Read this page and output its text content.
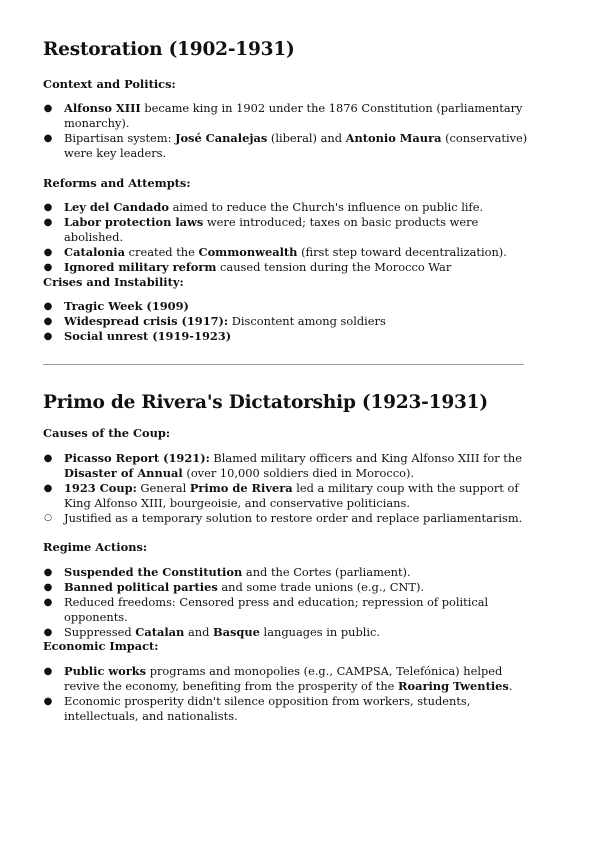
Restoration (1902-1931)
Context and Politics:
● Alfonso XIII became king in 1902 under the 1876 Constitution (parliamentary monarchy).
● Bipartisan system: José Canalejas (liberal) and Antonio Maura (conservative) were key leaders.
Reforms and Attempts:
● Ley del Candado aimed to reduce the Church's influence on public life.
● Labor protection laws were introduced; taxes on basic products were abolished.
● Catalonia created the Commonwealth (first step toward decentralization).
● Ignored military reform caused tension during the Morocco War
Crises and Instability:
● Tragic Week (1909)
● Widespread crisis (1917): Discontent among soldiers
● Social unrest (1919-1923)
Primo de Rivera's Dictatorship (1923-1931)
Causes of the Coup:
● Picasso Report (1921): Blamed military officers and King Alfonso XIII for the Disaster of Annual (over 10,000 soldiers died in Morocco).
● 1923 Coup: General Primo de Rivera led a military coup with the support of King Alfonso XIII, bourgeoisie, and conservative politicians.
○ Justified as a temporary solution to restore order and replace parliamentarism.
Regime Actions:
● Suspended the Constitution and the Cortes (parliament).
● Banned political parties and some trade unions (e.g., CNT).
● Reduced freedoms: Censored press and education; repression of political opponents.
● Suppressed Catalan and Basque languages in public.
Economic Impact:
● Public works programs and monopolies (e.g., CAMPSA, Telefónica) helped revive the economy, benefiting from the prosperity of the Roaring Twenties.
● Economic prosperity didn't silence opposition from workers, students, intellectuals, and nationalists.
